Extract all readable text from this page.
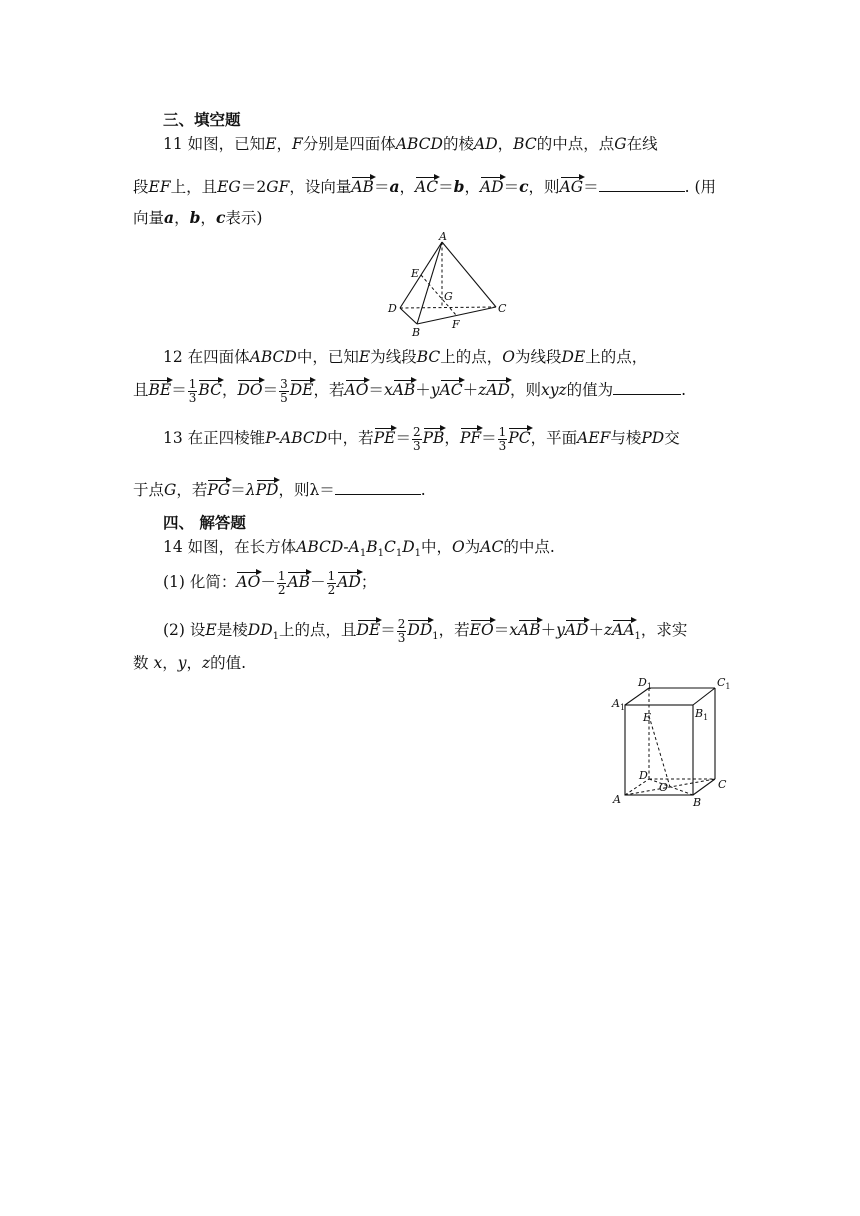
三、填空题
11 如图，已知E，F分别是四面体ABCD的棱AD，BC的中点，点G在线
段EF上，且EG＝2GF，设向量AB＝a，AC＝b，AD＝c，则AG＝	. (用
向量a，b，c表示)
A
D	C
B
E
F
G
12 在四面体ABCD中，已知E为线段BC上的点，O为线段DE上的点，
且$BE= \frac{1}{3}$ BC，$DO= \frac{3}{5}$ DE，若AO＝xAB＋yAC＋zAD，则xyz的值为	.
13 在正四棱锥P-ABCD中，若$PE= \frac{2}{3}$ PB，$PF= \frac{1}{3}$ PC，平面AEF与棱PD交
于点G，若PG＝λPD，则λ＝	.
四、 解答题
14 如图，在长方体ABCD-$A_1B_1C_1D_1$中，O为AC的中点.
(1) 化简：$AO- \frac{1}{2} AB- \frac{1}{2}$ AD；
(2) 设E是棱$DD_1$上的点，且$DE= \frac{2}{3} DD_1$，若EO＝xAB＋yAD＋zAA$_1$，求实
数 x，y，z的值.
$D_1$	$C_1$
$A_1$	$B_1$
E
D
C
A	B
O
